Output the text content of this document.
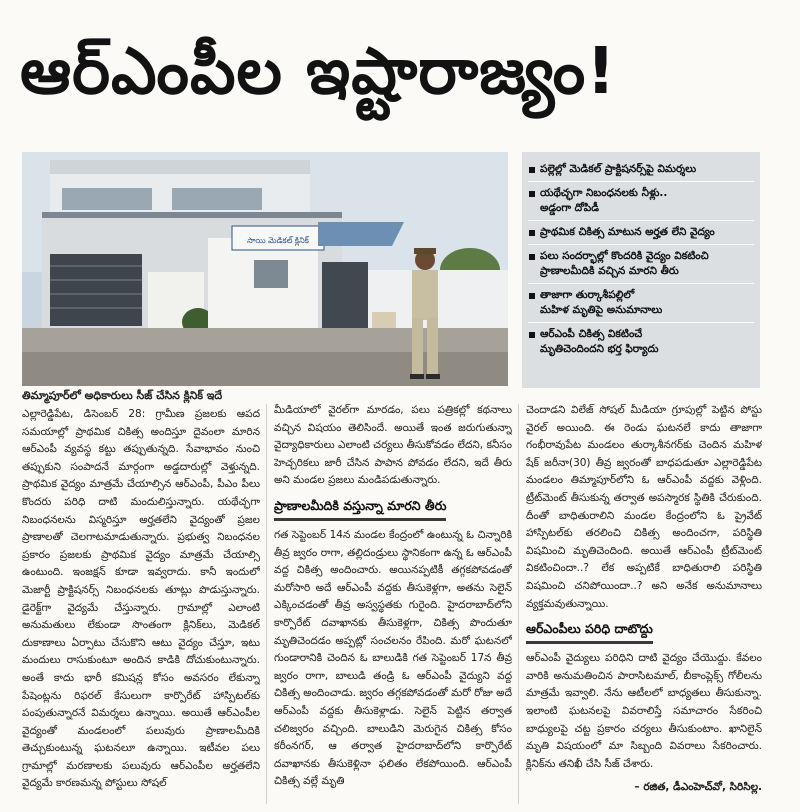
ఆర్ఎంపీల ఇష్టారాజ్యం!
సాయి మెడికల్ క్లినిక్
తిమ్మాపూర్‌లో అధికారులు సీజ్ చేసిన క్లినిక్ ఇదే
పల్లెల్లో మెడికల్ ప్రాక్టిషనర్స్‌పై విమర్శలు
యథేచ్ఛగా నిబంధనలకు నీళ్లు..
అడ్డంగా దోపిడీ
ప్రాథమిక చికిత్స మాటున అర్హత లేని వైద్యం
పలు సందర్భాల్లో కొందరికి వైద్యం వికటించి
ప్రాణాలమీదికి వచ్చిన మారని తీరు
తాజాగా తుర్కాశీపల్లిలో
మహిళ మృతిపై అనుమానాలు
ఆర్ఎంపీ చికిత్స వికటించే
మృతిచెందిందని భర్త ఫిర్యాదు

ఎల్లారెడ్డిపేట, డిసెంబర్ 28: గ్రామీణ ప్రజలకు ఆపద సమయాల్లో ప్రాథమిక చికిత్స అందిస్తూ దైవంలా మారిన ఆర్ఎంపీ వ్యవస్థ కట్టు తప్పుతున్నది. సేవాభావం నుంచి తప్పుకుని సంపాదనే మార్గంగా అడ్డదారుల్లో వెళ్తున్నది. ప్రాథమిక వైద్యం మాత్రమే చేయాల్సిన ఆర్ఎంపీ, పీఎం పీలు కొందరు పరిధి దాటి మందులిస్తున్నారు. యథేచ్ఛగా నిబంధనలను విస్మరిస్తూ అర్హతలేని వైద్యంతో ప్రజల ప్రాణాలతో చెలగాటమాడుతున్నారు. ప్రభుత్వ నిబంధనల ప్రకారం ప్రజలకు ప్రాథమిక వైద్యం మాత్రమే చేయాల్సి ఉంటుంది. ఇంజక్షన్ కూడా ఇవ్వరాదు. కానీ ఇందులో మెజార్టీ ప్రాక్టిషనర్స్ నిబంధనలకు తూట్లు పొడుస్తున్నారు. డైరెక్ట్‌గా వైద్యమే చేస్తున్నారు. గ్రామాల్లో ఎలాంటి అనుమతులు లేకుండా సొంతంగా క్లినిక్‌లు, మెడికల్ దుకాణాలు ఏర్పాటు చేసుకొని ఆటు వైద్యం చేస్తూ, ఇటు మందులు రాసుకుంటూ అందిన కాడికి దోచుకుంటున్నారు. అంతే కాదు భారీ కమిషన్ల కోసం అవసరం లేకున్నా పేషెంట్లను రిఫరల్ కేసులుగా కార్పొరేట్ హాస్పిటల్‌కు పంపుతున్నారనే విమర్శలు ఉన్నాయి. అయితే ఆర్ఎంపీల వైద్యంతో మండలంలో పలువురు ప్రాణాలమీదికి తెచ్చుకుంటున్న ఘటనలూ ఉన్నాయి. ఇటీవల పలు గ్రామాల్లో మరణాలకు పలువురు ఆర్ఎంపీల అర్హతలేని వైద్యమే కారణమన్న పోస్టులు సోషల్

మీడియాలో వైరల్‌గా మారడం, పలు పత్రికల్లో కథనాలు వచ్చిన విషయం తెలిసిందే. అయితే ఇంత జరుగుతున్నా వైద్యాధికారులు ఎలాంటి చర్యలు తీసుకోవడం లేదని, కనీసం హెచ్చరికలు జారీ చేసిన పాపాన పోవడం లేదని, ఇదే తీరు అని మండల ప్రజలు మండిపడుతున్నారు.

ప్రాణాలమీదికి వస్తున్నా మారని తీరు

గత సెప్టెంబర్ 14న మండల కేంద్రంలో ఉంటున్న ఓ చిన్నారికి తీవ్ర జ్వరం రాగా, తల్లిదండ్రులు స్థానికంగా ఉన్న ఓ ఆర్ఎంపీ వద్ద చికిత్స అందించారు. అయినప్పటికీ తగ్గకపోవడంతో మరోసారి అదే ఆర్ఎంపీ వద్దకు తీసుకెళ్లగా, అతను సెలైన్ ఎక్కించడంతో తీవ్ర అస్వస్థతకు గురైంది. హైదరాబాద్‌లోని కార్పొరేట్ దవాఖానకు తీసుకెళ్లగా, చికిత్స పొందుతూ మృతిచెందడం అప్పట్లో సంచలనం రేపింది. మరో ఘటనలో గుండారానికి చెందిన ఓ బాలుడికి గత సెప్టెంబర్ 17న తీవ్ర జ్వరం రాగా, బాలుడి తండ్రి ఓ ఆర్ఎంపీ వైద్యుని వద్ద చికిత్స అందించాడు. జ్వరం తగ్గకపోవడంతో మరో రోజు అదే ఆర్ఎంపీ వద్దకు తీసుకెళ్లాడు. సెలైన్ పెట్టిన తర్వాత చలిజ్వరం వచ్చింది. బాలుడిని మెరుగైన చికిత్స కోసం కరీంనగర్, ఆ తర్వాత హైదరాబాద్‌లోని కార్పొరేట్ దవాఖానకు తీసుకెళ్లినా ఫలితం లేకపోయింది. ఆర్ఎంపీ చికిత్స వల్లే మృతి

చెందాడని విలేజ్ సోషల్ మీడియా గ్రూపుల్లో పెట్టిన పోస్టు వైరల్ అయింది. ఈ రెండు ఘటనలే కాదు తాజాగా గంభీరావుపేట మండలం తుర్కాశీనగర్‌కు చెందిన మహిళ షేక్ జరీనా(30) తీవ్ర జ్వరంతో బాధపడుతూ ఎల్లారెడ్డిపేట మండలం తిమ్మాపూర్‌లోని ఓ ఆర్ఎంపీ వద్దకు వెళ్లింది. ట్రీట్‌మెంట్ తీసుకున్న తర్వాత అపస్మారక స్థితికి చేరుకుంది. దీంతో బాధితురాలిని మండల కేంద్రంలోని ఓ ప్రైవేట్ హాస్పిటల్‌కు తరలించి చికిత్స అందించగా, పరిస్థితి విషమించి మృతిచెందింది. అయితే ఆర్ఎంపీ ట్రీట్‌మెంట్ వికటించిందా..? లేక అప్పటికే బాధితురాలి పరిస్థితి విషమించి చనిపోయిందా..? అని అనేక అనుమానాలు వ్యక్తమవుతున్నాయి.

ఆర్ఎంపీలు పరిధి దాటొద్దు

ఆర్ఎంపీ వైద్యులు పరిధిని దాటి వైద్యం చేయొద్దు. కేవలం వారికి అనుమతించిన పారాసిటమాల్, బీకాంప్లెక్స్ గోలీలను మాత్రమే ఇవ్వాలి. నేను ఆటీలలో బాధ్యతలు తీసుకున్నా. ఇలాంటి ఘటనలపై వివరాలిస్తే సమాచారం సేకరించి బాధ్యులపై చట్ట ప్రకారం చర్యలు తీసుకుంటాం. ఖానిలైన్ మృతి విషయంలో మా సిబ్బంది వివరాలు సేకరించారు. క్లినిక్‌ను తనిఖీ చేసి సీజ్ చేశారు.

– రజిత, డీఎంహెచ్‌వో, సిరిసిల్ల.
